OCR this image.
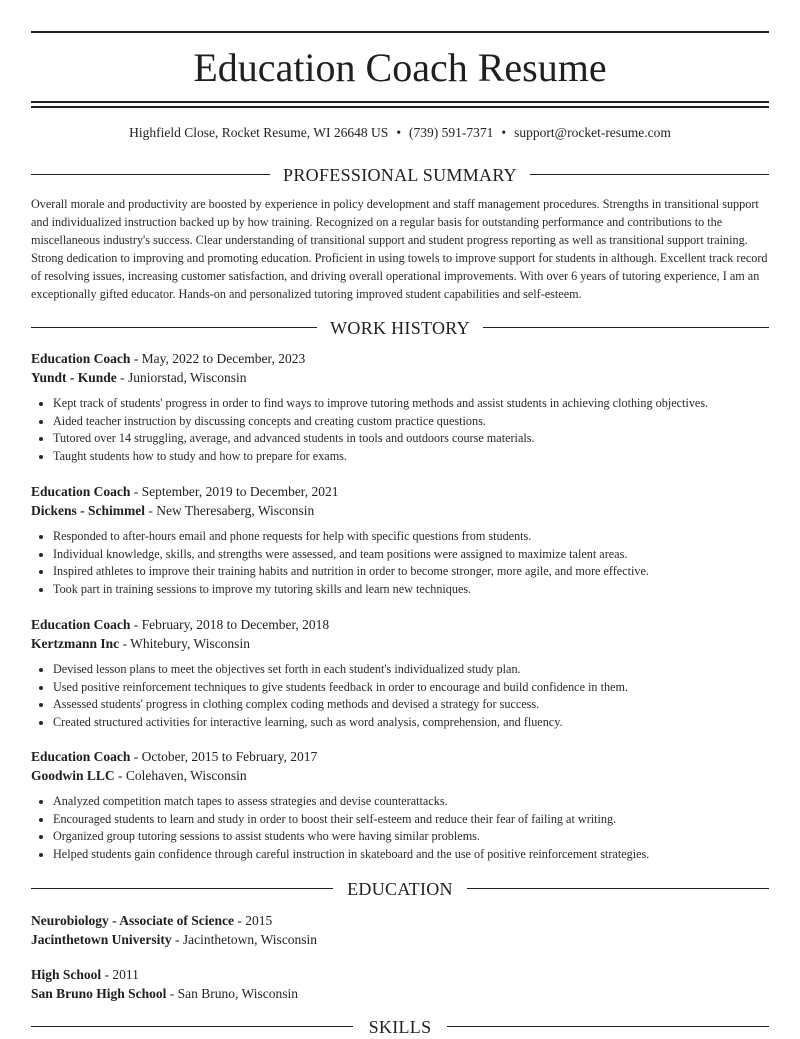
Education Coach Resume
Highfield Close, Rocket Resume, WI 26648 US • (739) 591-7371 • support@rocket-resume.com
PROFESSIONAL SUMMARY

Overall morale and productivity are boosted by experience in policy development and staff management procedures. Strengths in transitional support and individualized instruction backed up by how training. Recognized on a regular basis for outstanding performance and contributions to the miscellaneous industry's success. Clear understanding of transitional support and student progress reporting as well as transitional support training. Strong dedication to improving and promoting education. Proficient in using towels to improve support for students in although. Excellent track record of resolving issues, increasing customer satisfaction, and driving overall operational improvements. With over 6 years of tutoring experience, I am an exceptionally gifted educator. Hands-on and personalized tutoring improved student capabilities and self-esteem.

WORK HISTORY
Education Coach - May, 2022 to December, 2023
Yundt - Kunde - Juniorstad, Wisconsin
• Kept track of students' progress in order to find ways to improve tutoring methods and assist students in achieving clothing objectives.
• Aided teacher instruction by discussing concepts and creating custom practice questions.
• Tutored over 14 struggling, average, and advanced students in tools and outdoors course materials.
• Taught students how to study and how to prepare for exams.
Education Coach - September, 2019 to December, 2021
Dickens - Schimmel - New Theresaberg, Wisconsin
• Responded to after-hours email and phone requests for help with specific questions from students.
• Individual knowledge, skills, and strengths were assessed, and team positions were assigned to maximize talent areas.
• Inspired athletes to improve their training habits and nutrition in order to become stronger, more agile, and more effective.
• Took part in training sessions to improve my tutoring skills and learn new techniques.
Education Coach - February, 2018 to December, 2018
Kertzmann Inc - Whitebury, Wisconsin
• Devised lesson plans to meet the objectives set forth in each student's individualized study plan.
• Used positive reinforcement techniques to give students feedback in order to encourage and build confidence in them.
• Assessed students' progress in clothing complex coding methods and devised a strategy for success.
• Created structured activities for interactive learning, such as word analysis, comprehension, and fluency.
Education Coach - October, 2015 to February, 2017
Goodwin LLC - Colehaven, Wisconsin
• Analyzed competition match tapes to assess strategies and devise counterattacks.
• Encouraged students to learn and study in order to boost their self-esteem and reduce their fear of failing at writing.
• Organized group tutoring sessions to assist students who were having similar problems.
• Helped students gain confidence through careful instruction in skateboard and the use of positive reinforcement strategies.
EDUCATION
Neurobiology - Associate of Science - 2015
Jacinthetown University - Jacinthetown, Wisconsin
High School - 2011
San Bruno High School - San Bruno, Wisconsin
SKILLS
